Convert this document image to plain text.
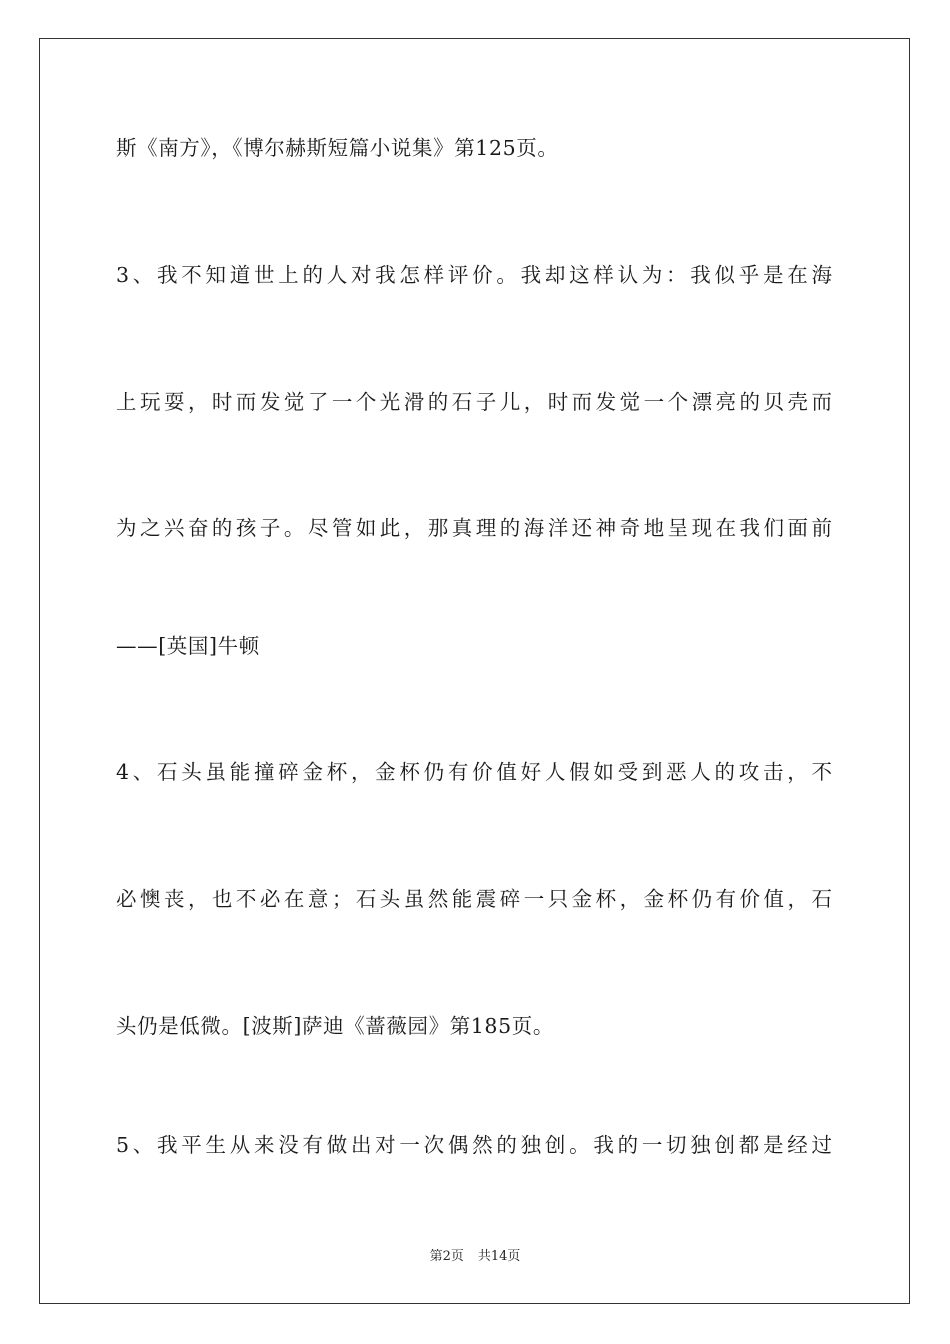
斯《南方》，《博尔赫斯短篇小说集》第125页。
3、我不知道世上的人对我怎样评价。我却这样认为：我似乎是在海
上玩耍，时而发觉了一个光滑的石子儿，时而发觉一个漂亮的贝壳而
为之兴奋的孩子。尽管如此，那真理的海洋还神奇地呈现在我们面前
——[英国]牛顿
4、石头虽能撞碎金杯，金杯仍有价值好人假如受到恶人的攻击，不
必懊丧，也不必在意；石头虽然能震碎一只金杯，金杯仍有价值，石
头仍是低微。[波斯]萨迪《蔷薇园》第185页。
5、我平生从来没有做出对一次偶然的独创。我的一切独创都是经过
第2页 共14页
